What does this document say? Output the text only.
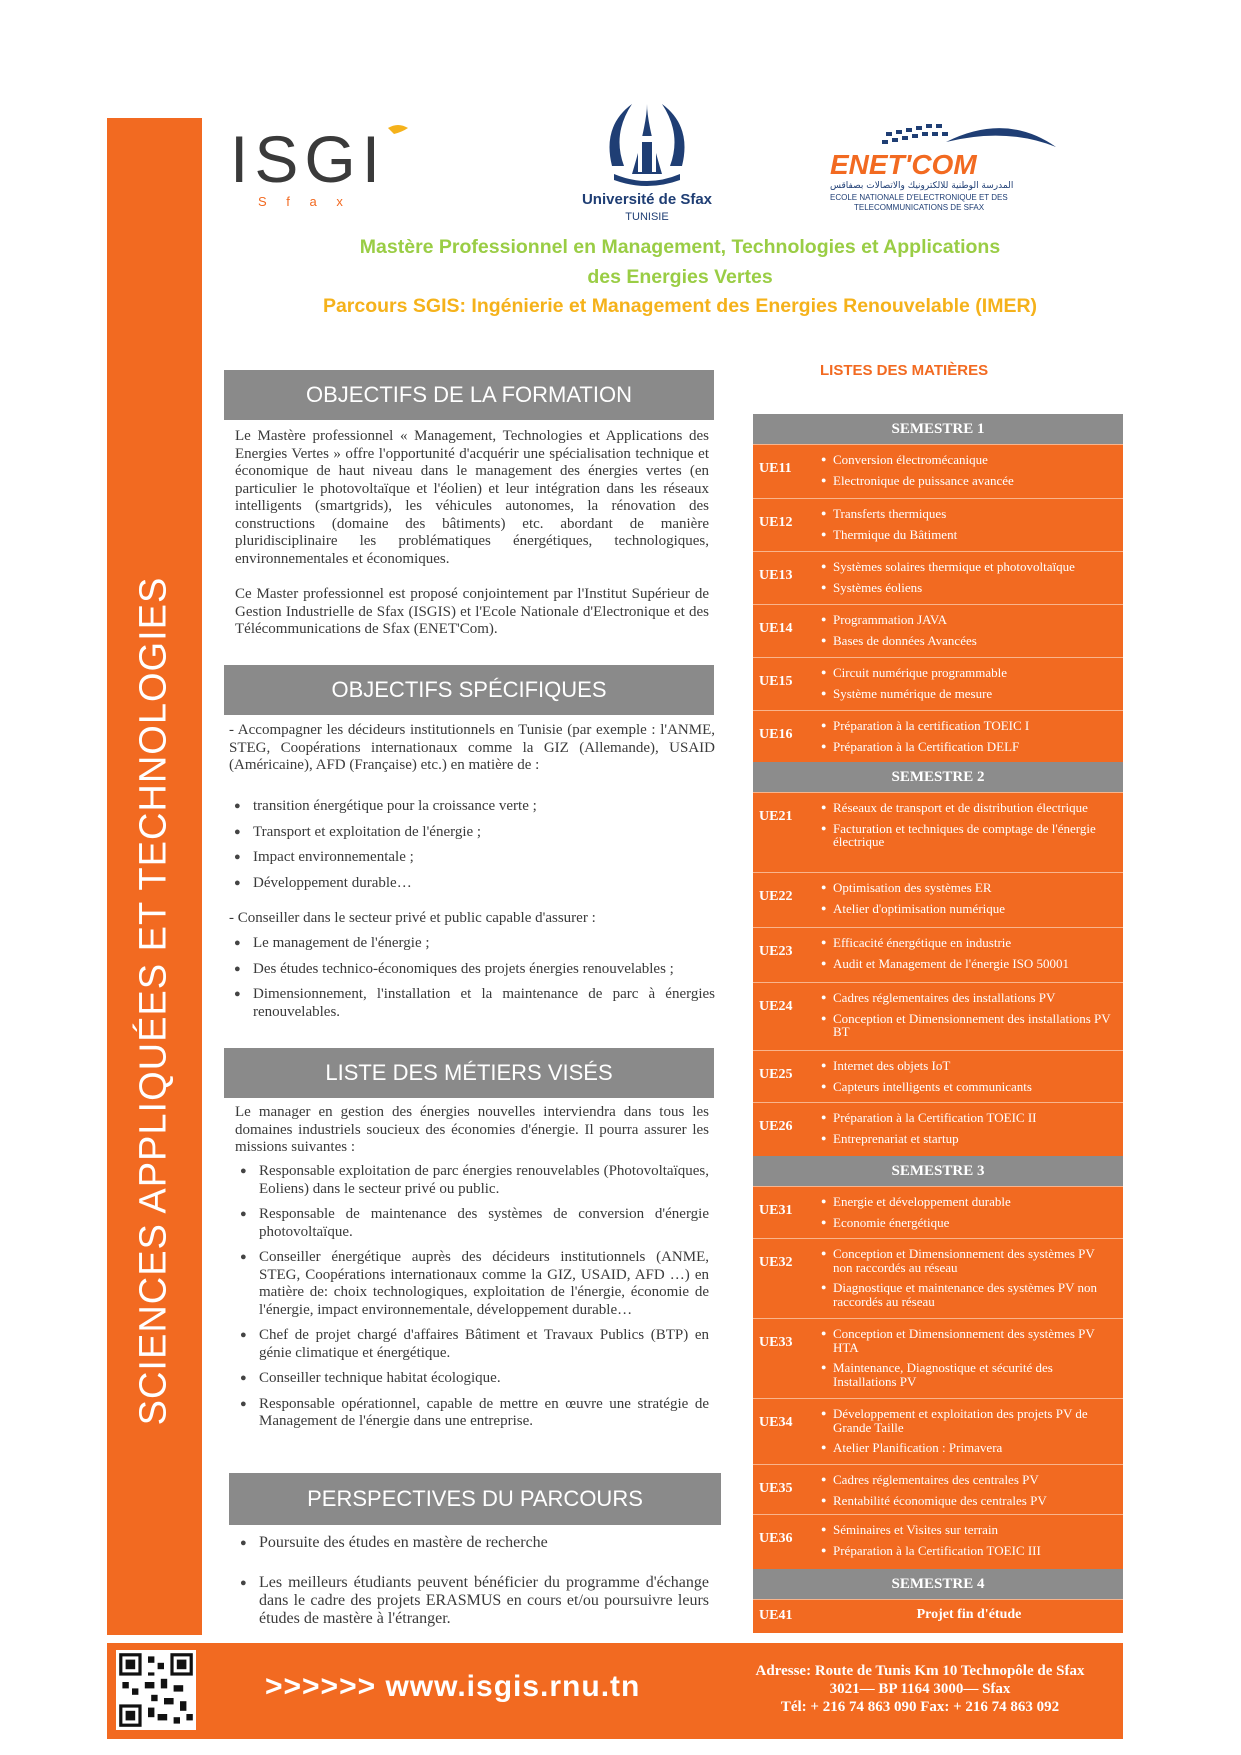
SCIENCES APPLIQUÉES ET TECHNOLOGIES
ISGI
S f a x	Université de Sfax
TUNISIE
ENET'COM
المدرسة الوطنية للالكترونيك والاتصالات بصفاقس
ECOLE NATIONALE D'ELECTRONIQUE ET DES
TELECOMMUNICATIONS DE SFAX
Mastère Professionnel en Management, Technologies et Applications
des Energies Vertes
Parcours SGIS: Ingénierie et Management des Energies Renouvelable (IMER)
OBJECTIFS DE LA FORMATION

Le Mastère professionnel « Management, Technologies et Applications des Energies Vertes » offre l'opportunité d'acquérir une spécialisation technique et économique de haut niveau dans le management des énergies vertes (en particulier le photovoltaïque et l'éolien) et leur intégration dans les réseaux intelligents (smartgrids), les véhicules autonomes, la rénovation des constructions (domaine des bâtiments) etc. abordant de manière pluridisciplinaire les problématiques énergétiques, technologiques, environnementales et économiques.

Ce Master professionnel est proposé conjointement par l'Institut Supérieur de Gestion Industrielle de Sfax (ISGIS) et l'Ecole Nationale d'Electronique et des Télécommunications de Sfax (ENET'Com).

OBJECTIFS SPÉCIFIQUES

- Accompagner les décideurs institutionnels en Tunisie (par exemple : l'ANME, STEG, Coopérations internationaux comme la GIZ (Allemande), USAID (Américaine), AFD (Française) etc.) en matière de :

● transition énergétique pour la croissance verte ;
● Transport et exploitation de l'énergie ;
● Impact environnementale ;
● Développement durable…

- Conseiller dans le secteur privé et public capable d'assurer :

● Le management de l'énergie ;
● Des études technico-économiques des projets énergies renouvelables ;
● Dimensionnement, l'installation et la maintenance de parc à énergies renouvelables.
LISTE DES MÉTIERS VISÉS

Le manager en gestion des énergies nouvelles interviendra dans tous les domaines industriels soucieux des économies d'énergie. Il pourra assurer les missions suivantes :

● Responsable exploitation de parc énergies renouvelables (Photovoltaïques, Eoliens) dans le secteur privé ou public.
● Responsable de maintenance des systèmes de conversion d'énergie photovoltaïque.
● Conseiller énergétique auprès des décideurs institutionnels (ANME, STEG, Coopérations internationaux comme la GIZ, USAID, AFD …) en matière de: choix technologiques, exploitation de l'énergie, économie de l'énergie, impact environnementale, développement durable…
● Chef de projet chargé d'affaires Bâtiment et Travaux Publics (BTP) en génie climatique et énergétique.
● Conseiller technique habitat écologique.
● Responsable opérationnel, capable de mettre en œuvre une stratégie de Management de l'énergie dans une entreprise.
PERSPECTIVES DU PARCOURS
● Poursuite des études en mastère de recherche
● Les meilleurs étudiants peuvent bénéficier du programme d'échange dans le cadre des projets ERASMUS en cours et/ou poursuivre leurs études de mastère à l'étranger.
LISTES DES MATIÈRES
SEMESTRE 1
UE11
● Conversion électromécanique
● Electronique de puissance avancée
UE12
● Transferts thermiques
● Thermique du Bâtiment
UE13
● Systèmes solaires thermique et photovoltaïque
● Systèmes éoliens
UE14
● Programmation JAVA
● Bases de données Avancées
UE15
● Circuit numérique programmable
● Système numérique de mesure
UE16
● Préparation à la certification TOEIC I
● Préparation à la Certification DELF
SEMESTRE 2
UE21
● Réseaux de transport et de distribution électrique
● Facturation et techniques de comptage de l'énergie électrique
UE22
● Optimisation des systèmes ER
● Atelier d'optimisation numérique
UE23
● Efficacité énergétique en industrie
● Audit et Management de l'énergie ISO 50001
UE24
● Cadres réglementaires des installations PV
● Conception et Dimensionnement des installations PV BT
UE25
● Internet des objets IoT
● Capteurs intelligents et communicants
UE26
● Préparation à la Certification TOEIC II
● Entreprenariat et startup
SEMESTRE 3
UE31
● Energie et développement durable
● Economie énergétique
UE32
● Conception et Dimensionnement des systèmes PV non raccordés au réseau
● Diagnostique et maintenance des systèmes PV non raccordés au réseau
UE33
● Conception et Dimensionnement des systèmes PV HTA
● Maintenance, Diagnostique et sécurité des Installations PV
UE34
● Développement et exploitation des projets PV de Grande Taille
● Atelier Planification : Primavera
UE35
● Cadres réglementaires des centrales PV
● Rentabilité économique des centrales PV
UE36
● Séminaires et Visites sur terrain
● Préparation à la Certification TOEIC III
SEMESTRE 4
UE41	Projet fin d'étude
>>>>>> www.isgis.rnu.tn	Adresse: Route de Tunis Km 10 Technopôle de Sfax
3021— BP 1164 3000— Sfax
Tél: + 216 74 863 090 Fax: + 216 74 863 092
